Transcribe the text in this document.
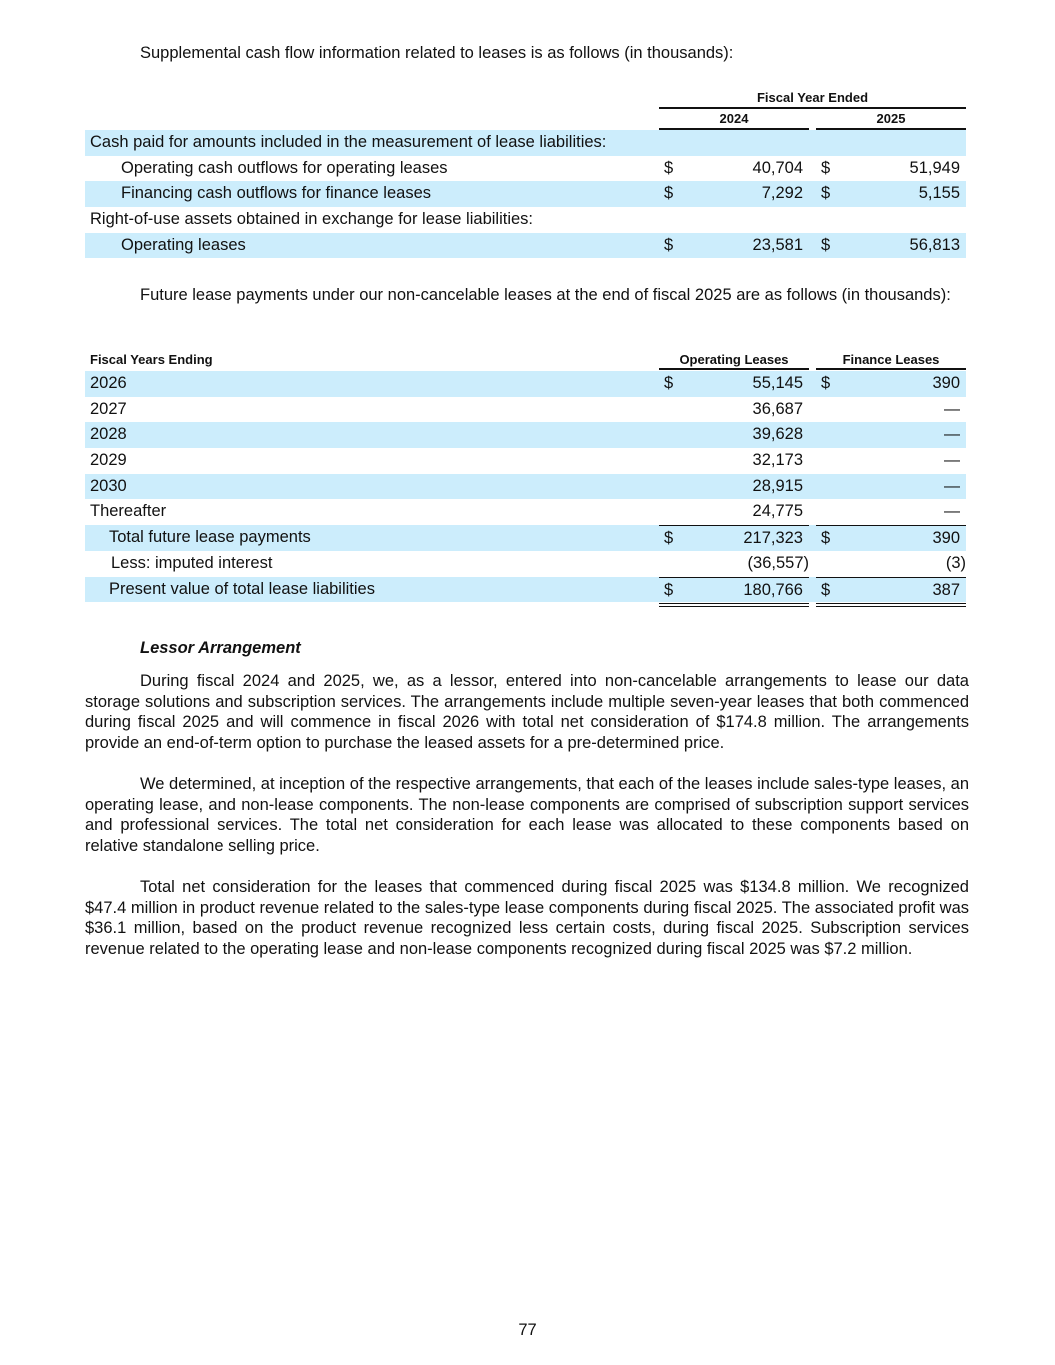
Supplemental cash flow information related to leases is as follows (in thousands):

Fiscal Year Ended
2024	2025
Cash paid for amounts included in the measurement of lease liabilities:
Operating cash outflows for operating leases	$	40,704 $	51,949
Financing cash outflows for finance leases	$	7,292 $	5,155
Right-of-use assets obtained in exchange for lease liabilities:
Operating leases	$	23,581 $	56,813

Future lease payments under our non-cancelable leases at the end of fiscal 2025 are as follows (in thousands):

Fiscal Years Ending	Operating Leases	Finance Leases
2026	$	55,145 $	390
2027	36,687	—
2028	39,628	—
2029	32,173	—
2030	28,915	—
Thereafter	24,775	—
Total future lease payments	$	217,323 $	390
Less: imputed interest	(36,557)	(3)
Present value of total lease liabilities	$	180,766 $	387
Lessor Arrangement

During fiscal 2024 and 2025, we, as a lessor, entered into non-cancelable arrangements to lease our data storage solutions and subscription services. The arrangements include multiple seven-year leases that both commenced during fiscal 2025 and will commence in fiscal 2026 with total net consideration of $174.8 million. The arrangements provide an end-of-term option to purchase the leased assets for a pre-determined price.

We determined, at inception of the respective arrangements, that each of the leases include sales-type leases, an operating lease, and non-lease components. The non-lease components are comprised of subscription support services and professional services. The total net consideration for each lease was allocated to these components based on relative standalone selling price.

Total net consideration for the leases that commenced during fiscal 2025 was $134.8 million. We recognized $47.4 million in product revenue related to the sales-type lease components during fiscal 2025. The associated profit was $36.1 million, based on the product revenue recognized less certain costs, during fiscal 2025. Subscription services revenue related to the operating lease and non-lease components recognized during fiscal 2025 was $7.2 million.

77
